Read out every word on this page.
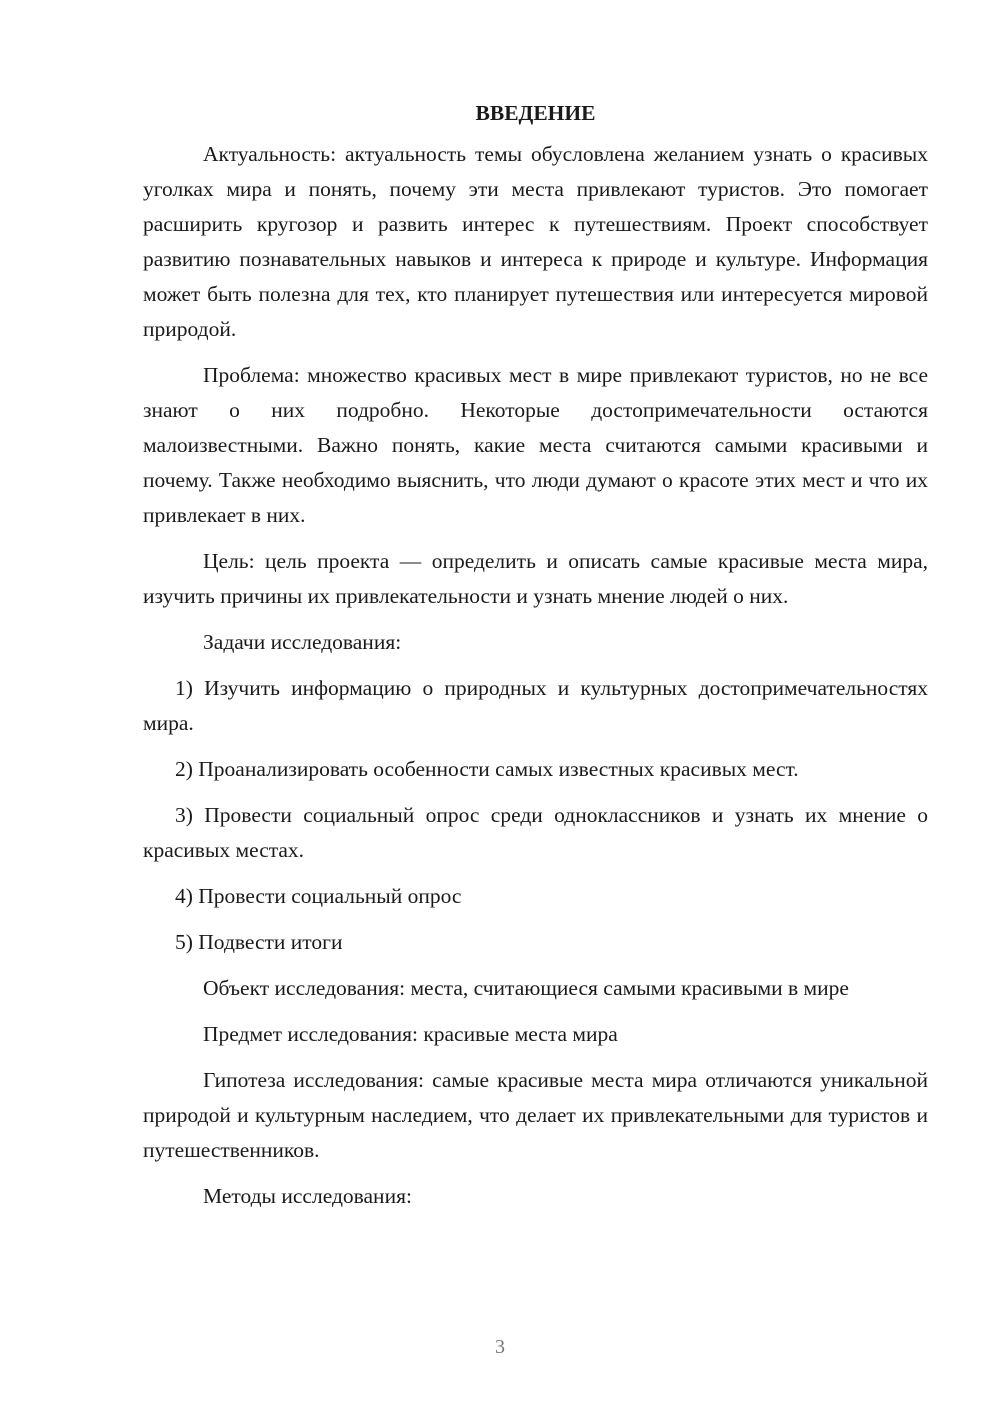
ВВЕДЕНИЕ

Актуальность: актуальность темы обусловлена желанием узнать о красивых уголках мира и понять, почему эти места привлекают туристов. Это помогает расширить кругозор и развить интерес к путешествиям. Проект способствует развитию познавательных навыков и интереса к природе и культуре. Информация может быть полезна для тех, кто планирует путешествия или интересуется мировой природой.

Проблема: множество красивых мест в мире привлекают туристов, но не все знают о них подробно. Некоторые достопримечательности остаются малоизвестными. Важно понять, какие места считаются самыми красивыми и почему. Также необходимо выяснить, что люди думают о красоте этих мест и что их привлекает в них.

Цель: цель проекта — определить и описать самые красивые места мира, изучить причины их привлекательности и узнать мнение людей о них.

Задачи исследования:

1) Изучить информацию о природных и культурных достопримечательностях мира.

2) Проанализировать особенности самых известных красивых мест.

3) Провести социальный опрос среди одноклассников и узнать их мнение о красивых местах.

4) Провести социальный опрос

5) Подвести итоги

Объект исследования: места, считающиеся самыми красивыми в мире

Предмет исследования: красивые места мира

Гипотеза исследования: самые красивые места мира отличаются уникальной природой и культурным наследием, что делает их привлекательными для туристов и путешественников.

Методы исследования:

3
